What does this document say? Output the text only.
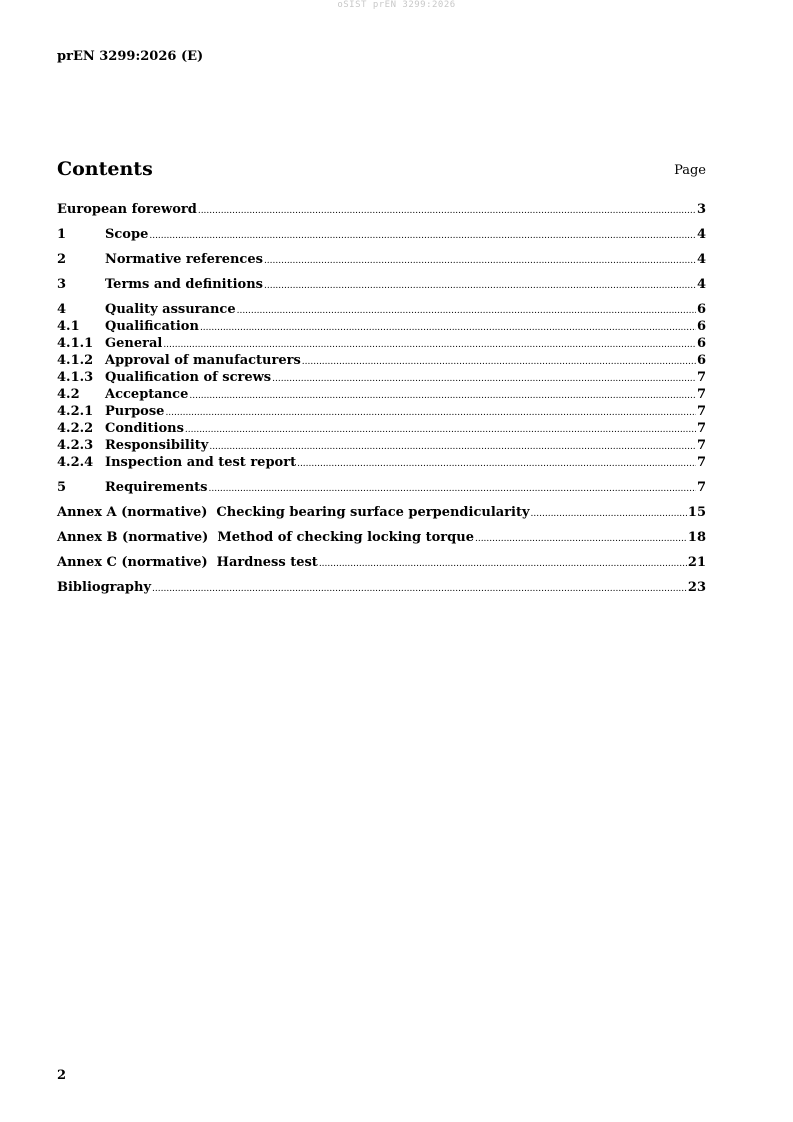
oSIST prEN 3299:2026
prEN 3299:2026 (E)
Contents	Page
European foreword .....	3
1	Scope .....	4
2	Normative references .....	4
3	Terms and definitions .....	4
4	Quality assurance .....	6
4.1	Qualification .....	6
4.1.1 General .....	6
4.1.2 Approval of manufacturers .....	6
4.1.3 Qualification of screws .....	7
4.2	Acceptance .....	7
4.2.1 Purpose .....	7
4.2.2 Conditions .....	7
4.2.3 Responsibility .....	7
4.2.4 Inspection and test report .....	7
5	Requirements .....	7
Annex A (normative)  Checking bearing surface perpendicularity .....	15
Annex B (normative)  Method of checking locking torque .....	18
Annex C (normative)  Hardness test .....	21
Bibliography .....	23
2
